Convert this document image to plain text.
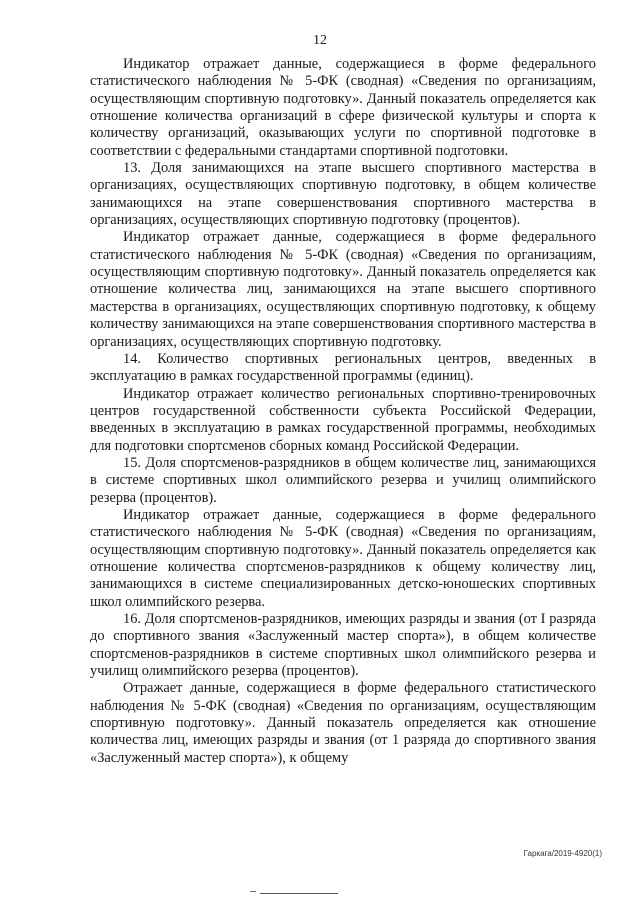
12

Индикатор отражает данные, содержащиеся в форме федерального статистического наблюдения № 5-ФК (сводная) «Сведения по организациям, осуществляющим спортивную подготовку». Данный показатель определяется как отношение количества организаций в сфере физической культуры и спорта к количеству организаций, оказывающих услуги по спортивной подготовке в соответствии с федеральными стандартами спортивной подготовки.

13. Доля занимающихся на этапе высшего спортивного мастерства в организациях, осуществляющих спортивную подготовку, в общем количестве занимающихся на этапе совершенствования спортивного мастерства в организациях, осуществляющих спортивную подготовку (процентов).

Индикатор отражает данные, содержащиеся в форме федерального статистического наблюдения № 5-ФК (сводная) «Сведения по организациям, осуществляющим спортивную подготовку». Данный показатель определяется как отношение количества лиц, занимающихся на этапе высшего спортивного мастерства в организациях, осуществляющих спортивную подготовку, к общему количеству занимающихся на этапе совершенствования спортивного мастерства в организациях, осуществляющих спортивную подготовку.

14. Количество спортивных региональных центров, введенных в эксплуатацию в рамках государственной программы (единиц).

Индикатор отражает количество региональных спортивно-тренировочных центров государственной собственности субъекта Российской Федерации, введенных в эксплуатацию в рамках государственной программы, необходимых для подготовки спортсменов сборных команд Российской Федерации.

15. Доля спортсменов-разрядников в общем количестве лиц, занимающихся в системе спортивных школ олимпийского резерва и училищ олимпийского резерва (процентов).

Индикатор отражает данные, содержащиеся в форме федерального статистического наблюдения № 5-ФК (сводная) «Сведения по организациям, осуществляющим спортивную подготовку». Данный показатель определяется как отношение количества спортсменов-разрядников к общему количеству лиц, занимающихся в системе специализированных детско-юношеских спортивных школ олимпийского резерва.

16. Доля спортсменов-разрядников, имеющих разряды и звания (от I разряда до спортивного звания «Заслуженный мастер спорта»), в общем количестве спортсменов-разрядников в системе спортивных школ олимпийского резерва и училищ олимпийского резерва (процентов).

Отражает данные, содержащиеся в форме федерального статистического наблюдения № 5-ФК (сводная) «Сведения по организациям, осуществляющим спортивную подготовку». Данный показатель определяется как отношение количества лиц, имеющих разряды и звания (от 1 разряда до спортивного звания «Заслуженный мастер спорта»), к общему

Гаркага/2019-4920(1)
